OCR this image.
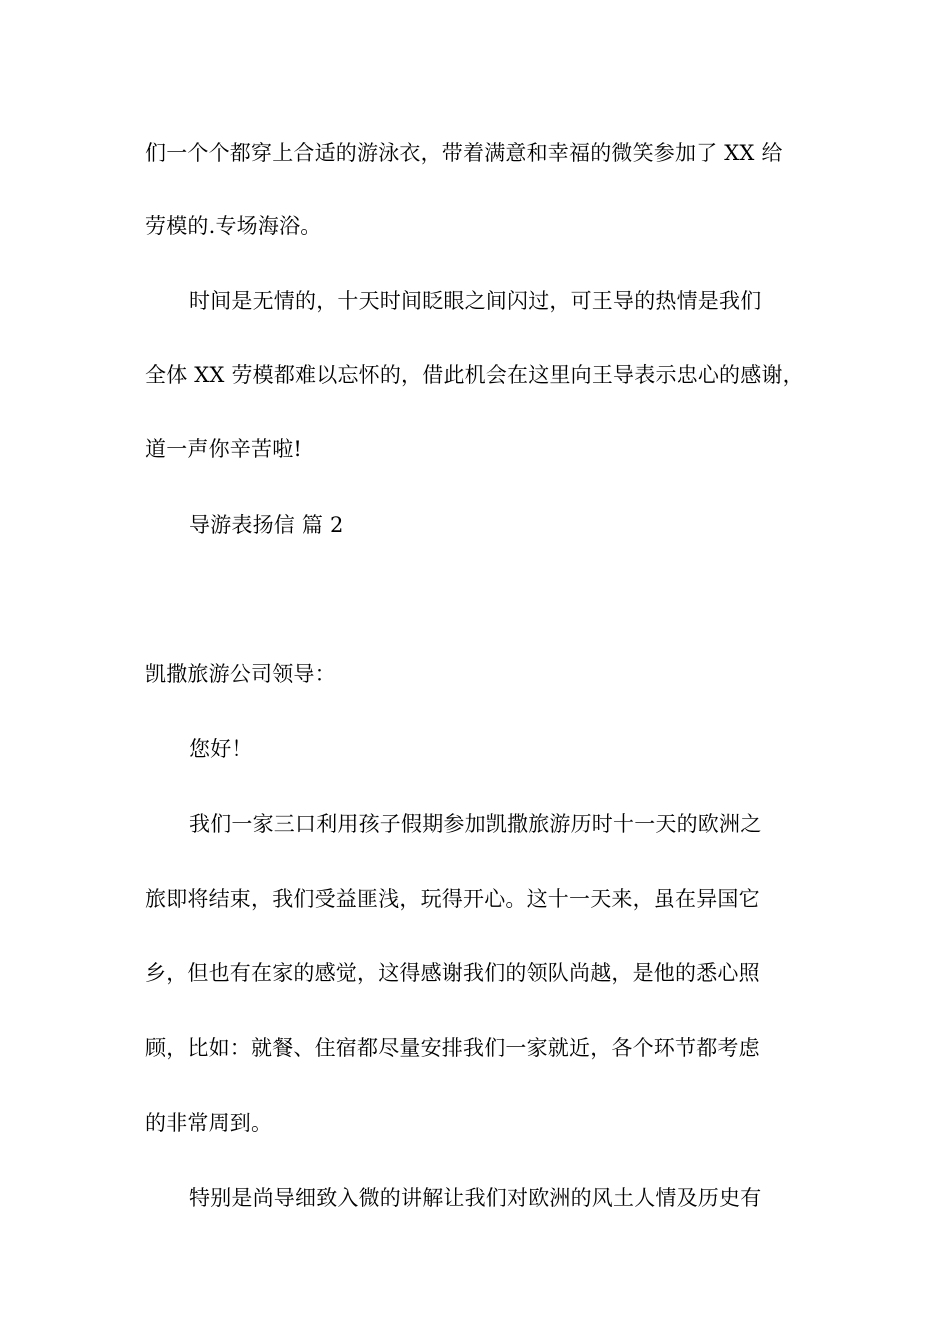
们一个个都穿上合适的游泳衣，带着满意和幸福的微笑参加了 XX 给
劳模的.专场海浴。
时间是无情的，十天时间眨眼之间闪过，可王导的热情是我们
全体 XX 劳模都难以忘怀的，借此机会在这里向王导表示忠心的感谢，
道一声你辛苦啦!
导游表扬信 篇 2
凯撒旅游公司领导：
您好！
我们一家三口利用孩子假期参加凯撒旅游历时十一天的欧洲之
旅即将结束，我们受益匪浅，玩得开心。这十一天来，虽在异国它
乡，但也有在家的感觉，这得感谢我们的领队尚越，是他的悉心照
顾，比如：就餐、住宿都尽量安排我们一家就近，各个环节都考虑
的非常周到。
特别是尚导细致入微的讲解让我们对欧洲的风土人情及历史有
